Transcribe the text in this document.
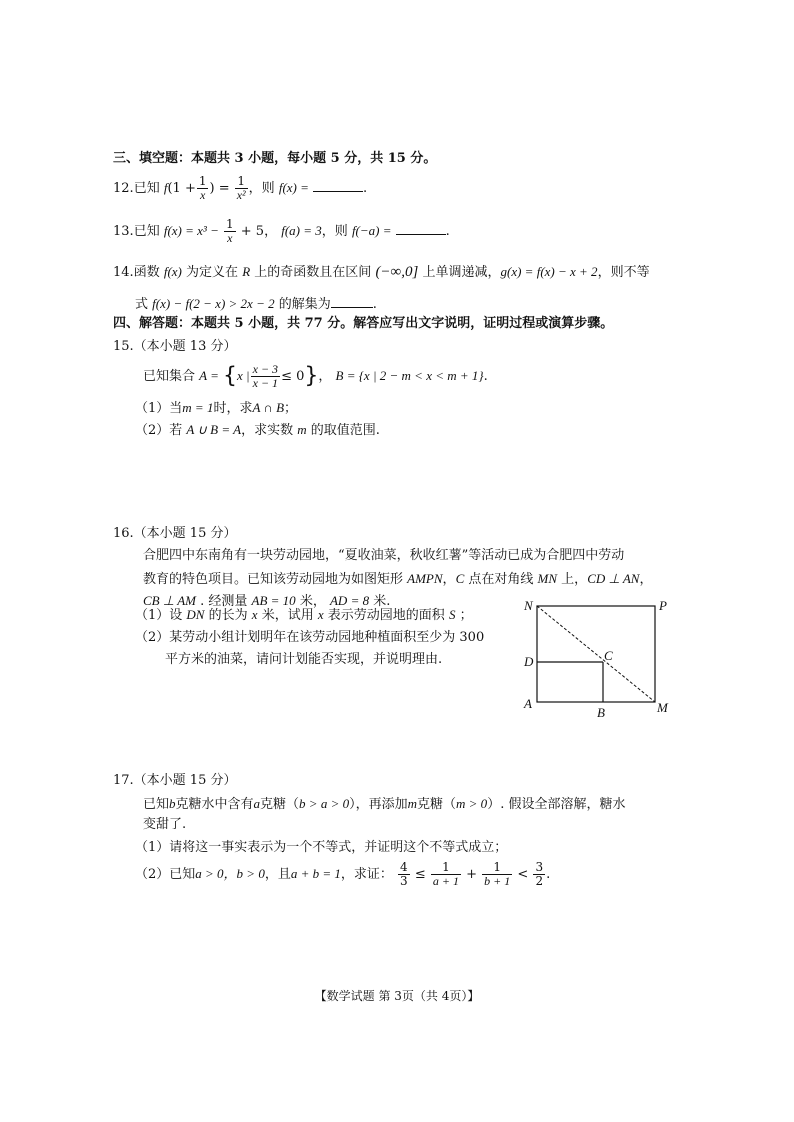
三、填空题：本题共 3 小题，每小题 5 分，共 15 分。
12.已知 $f(1 + \frac{1}{x}$ ) = $\frac{1}{\text{x²}}$ ，则 f(x) =	.
13.已知 $f(x) = x^3 - \frac{1}{x} + 5$， f(a) = 3，则 f(−a) =	.
14.函数 f(x) 为定义在 R 上的奇函数且在区间 (−∞,0] 上单调递减，g(x) = f(x) − x + 2，则不等
式 f(x) − f(2 − x) > 2x − 2 的解集为	.
四、解答题：本题共 5 小题，共 77 分。解答应写出文字说明，证明过程或演算步骤。
15.（本小题 13 分）
已知集合 A = {x | $\frac{x - 3}{x - 1} \le 0$}， B = {x | 2 − m < x < m + 1}.
（1）当m = 1时，求A ∩ B；
（2）若 A ∪ B = A，求实数 m 的取值范围.
16.（本小题 15 分）
合肥四中东南角有一块劳动园地，“夏收油菜，秋收红薯”等活动已成为合肥四中劳动
教育的特色项目。已知该劳动园地为如图矩形 AMPN，C 点在对角线 MN 上，CD ⊥ AN，
CB ⊥ AM . 经测量 AB = 10 米， AD = 8 米.
（1）设 DN 的长为 x 米，试用 x 表示劳动园地的面积 S ；
（2）某劳动小组计划明年在该劳动园地种植面积至少为 300
平方米的油菜，请问计划能否实现，并说明理由.
N	P
D	C
A
B	M
17.（本小题 15 分）
已知b克糖水中含有a克糖（b > a > 0），再添加m克糖（m > 0）. 假设全部溶解，糖水
变甜了.
（1）请将这一事实表示为一个不等式，并证明这个不等式成立；
（2）已知a > 0，b > 0，且a + b = 1，求证： $\frac{4}{3} \le \frac{1}{a + 1} + \frac{1}{b + 1} < \frac{3}{2}$ .
【数学试题 第 3页（共 4页）】
